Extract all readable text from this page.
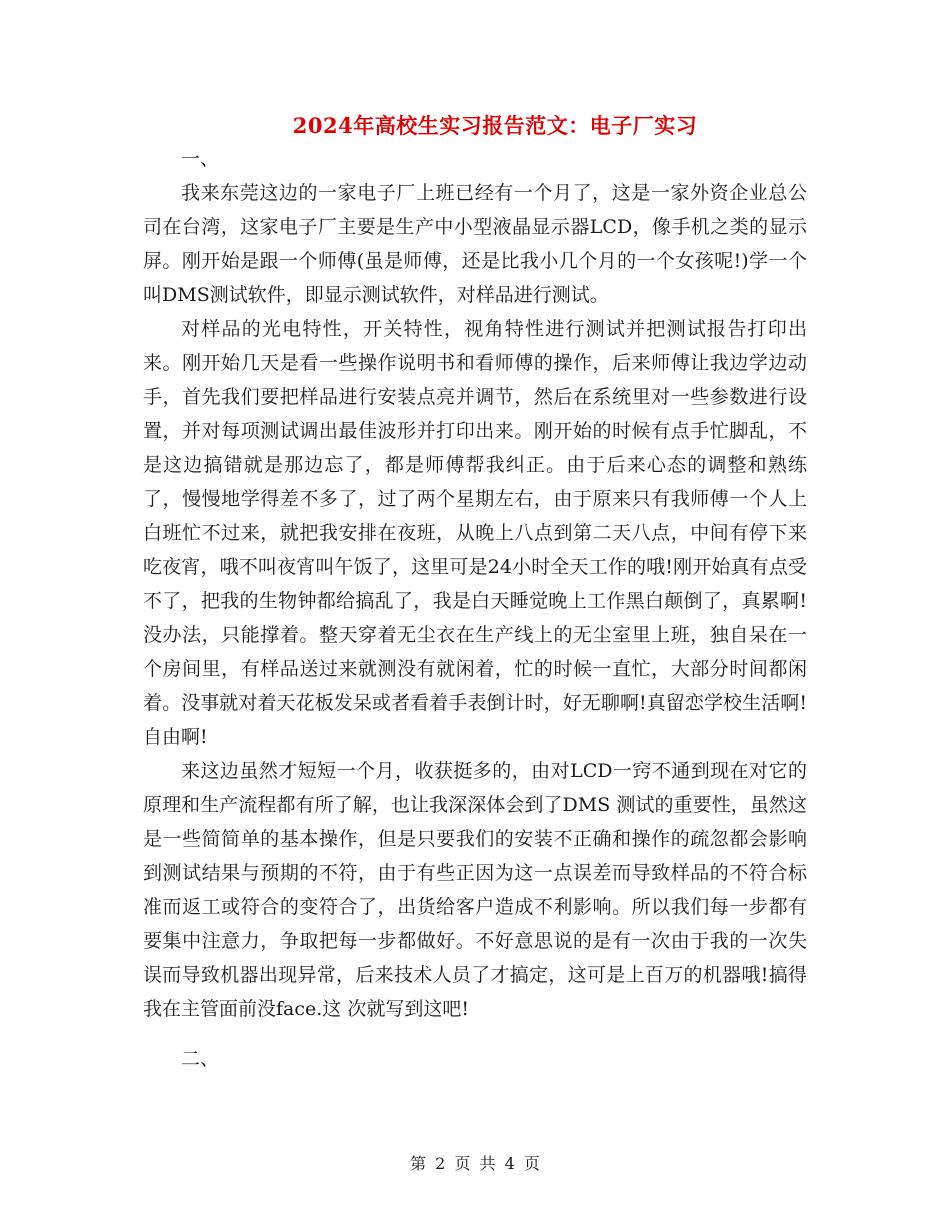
2024年高校生实习报告范文：电子厂实习

一、

我来东莞这边的一家电子厂上班已经有一个月了，这是一家外资企业总公司在台湾，这家电子厂主要是生产中小型液晶显示器LCD，像手机之类的显示屏。刚开始是跟一个师傅(虽是师傅，还是比我小几个月的一个女孩呢!)学一个叫DMS测试软件，即显示测试软件，对样品进行测试。

对样品的光电特性，开关特性，视角特性进行测试并把测试报告打印出来。刚开始几天是看一些操作说明书和看师傅的操作，后来师傅让我边学边动手，首先我们要把样品进行安装点亮并调节，然后在系统里对一些参数进行设置，并对每项测试调出最佳波形并打印出来。刚开始的时候有点手忙脚乱，不是这边搞错就是那边忘了，都是师傅帮我纠正。由于后来心态的调整和熟练了，慢慢地学得差不多了，过了两个星期左右，由于原来只有我师傅一个人上白班忙不过来，就把我安排在夜班，从晚上八点到第二天八点，中间有停下来吃夜宵，哦不叫夜宵叫午饭了，这里可是24小时全天工作的哦!刚开始真有点受不了，把我的生物钟都给搞乱了，我是白天睡觉晚上工作黑白颠倒了，真累啊!没办法，只能撑着。整天穿着无尘衣在生产线上的无尘室里上班，独自呆在一个房间里，有样品送过来就测没有就闲着，忙的时候一直忙，大部分时间都闲着。没事就对着天花板发呆或者看着手表倒计时，好无聊啊!真留恋学校生活啊!自由啊!

来这边虽然才短短一个月，收获挺多的，由对LCD一窍不通到现在对它的原理和生产流程都有所了解，也让我深深体会到了DMS 测试的重要性，虽然这是一些简简单的基本操作，但是只要我们的安装不正确和操作的疏忽都会影响到测试结果与预期的不符，由于有些正因为这一点误差而导致样品的不符合标准而返工或符合的变符合了，出货给客户造成不利影响。所以我们每一步都有要集中注意力，争取把每一步都做好。不好意思说的是有一次由于我的一次失误而导致机器出现异常，后来技术人员了才搞定，这可是上百万的机器哦!搞得我在主管面前没face.这 次就写到这吧!

二、

第 2 页 共 4 页
